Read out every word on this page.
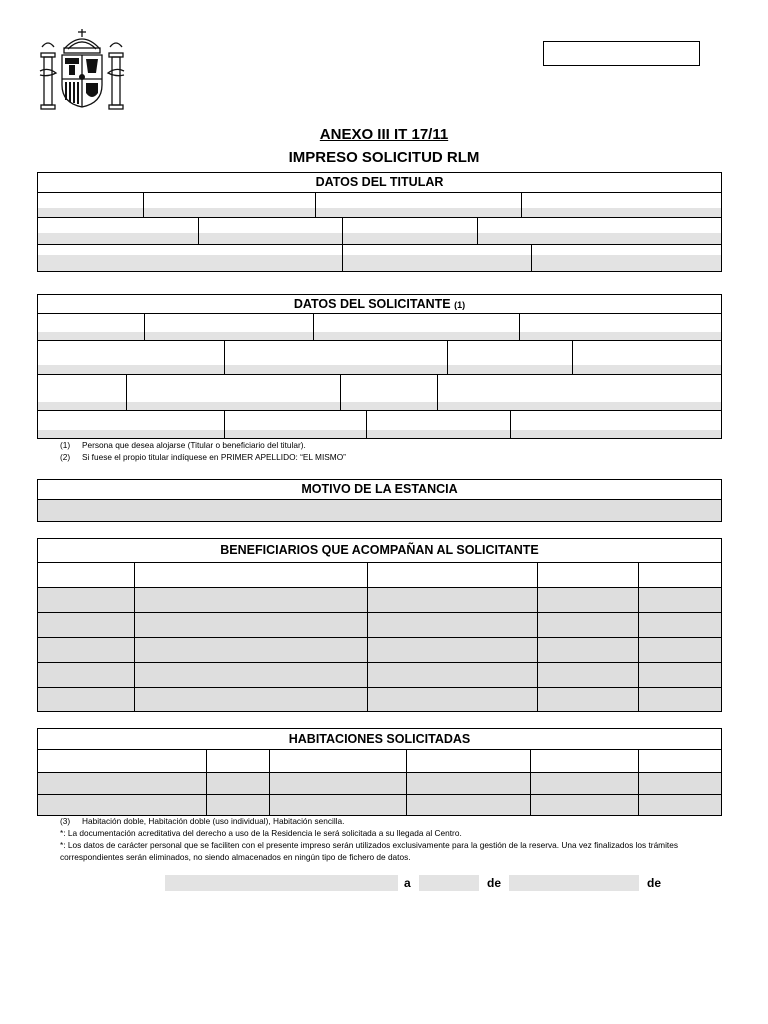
ANEXO III IT 17/11
IMPRESO SOLICITUD RLM
DATOS DEL TITULAR
DATOS DEL SOLICITANTE (1)
(1) Persona que desea alojarse (Titular o beneficiario del titular).
(2) Si fuese el propio titular indíquese en PRIMER APELLIDO: “EL MISMO”
MOTIVO DE LA ESTANCIA
BENEFICIARIOS QUE ACOMPAÑAN AL SOLICITANTE
HABITACIONES SOLICITADAS
(3) Habitación doble, Habitación doble (uso individual), Habitación sencilla.
*: La documentación acreditativa del derecho a uso de la Residencia le será solicitada a su llegada al Centro.
*: Los datos de carácter personal que se faciliten con el presente impreso serán utilizados exclusivamente para la gestión de la reserva. Una vez finalizados los trámites correspondientes serán eliminados, no siendo almacenados en ningún tipo de fichero de datos.
a	de	de
